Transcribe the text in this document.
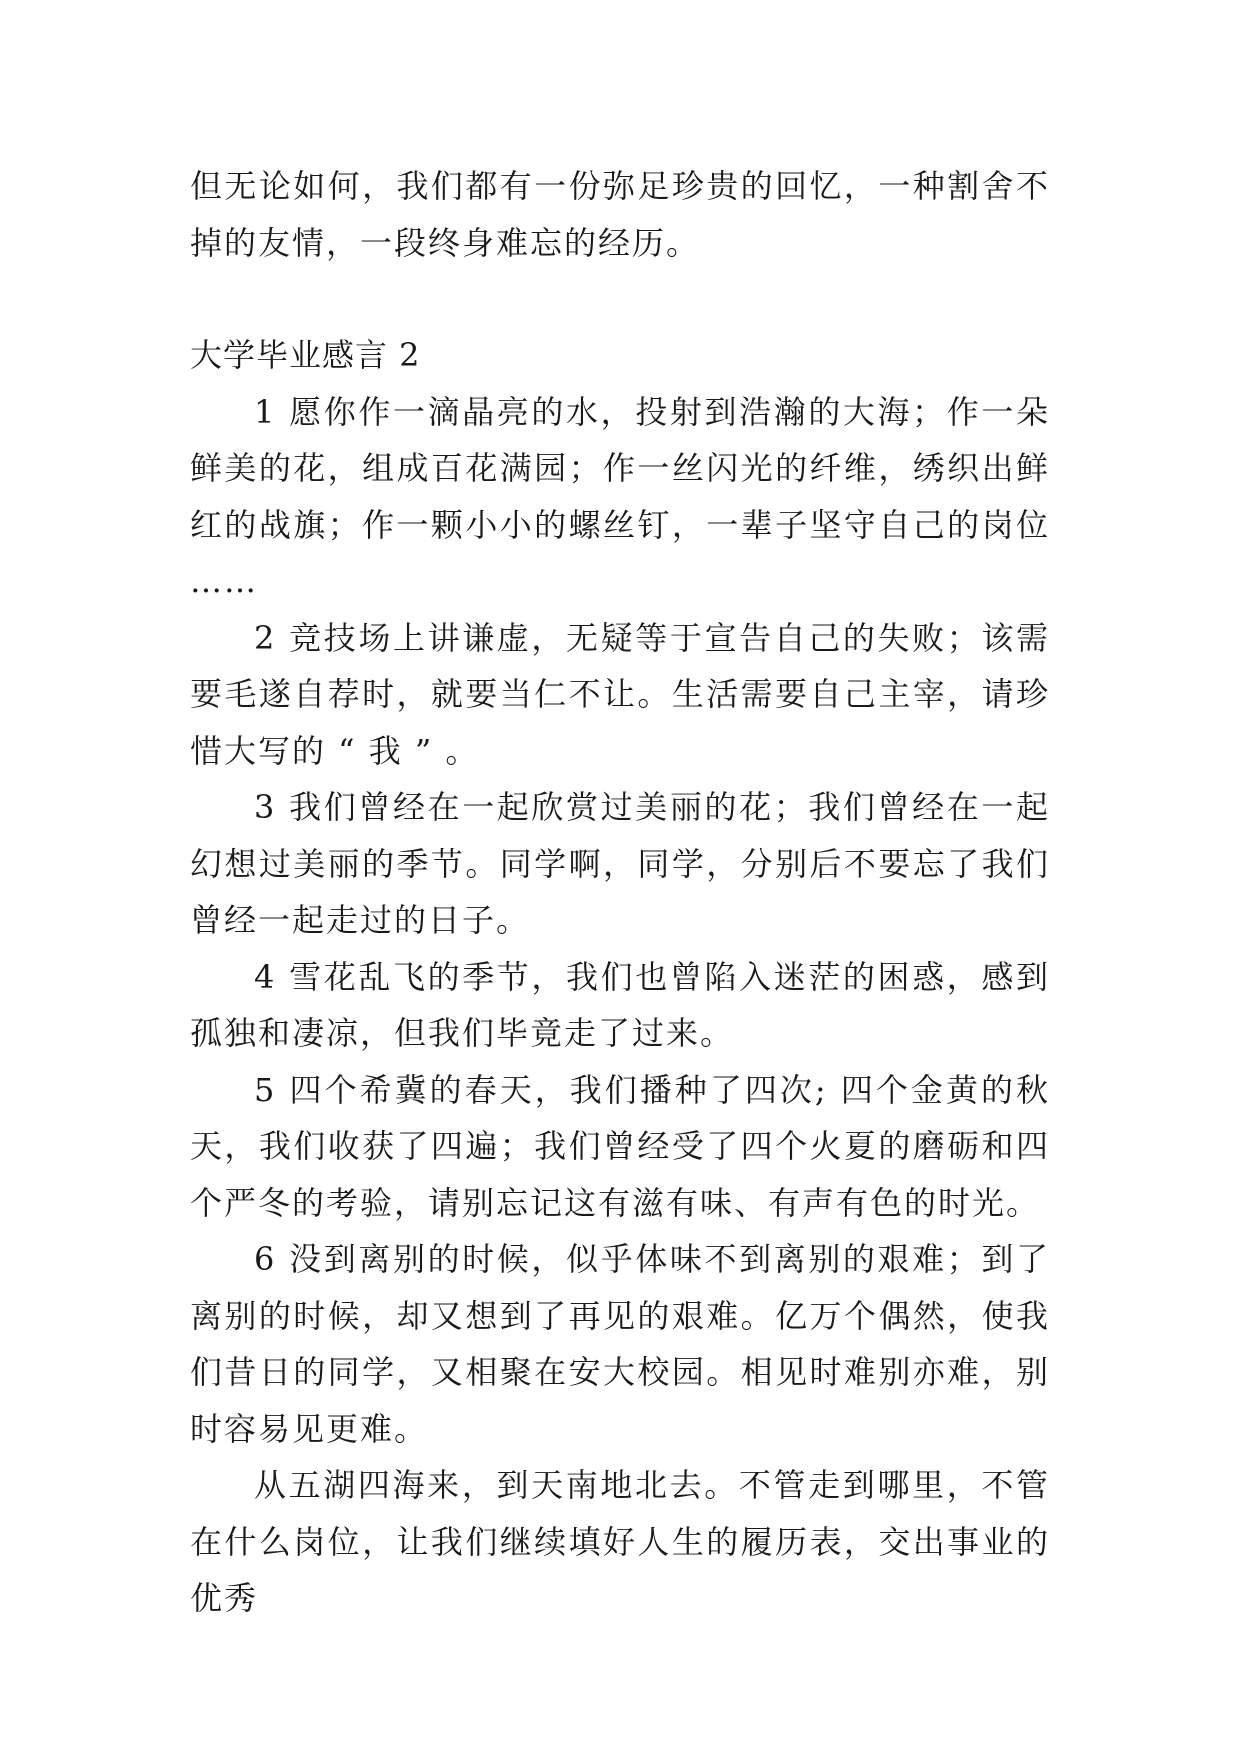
但无论如何，我们都有一份弥足珍贵的回忆，一种割舍不掉的友情，一段终身难忘的经历。

大学毕业感言 2

1 愿你作一滴晶亮的水，投射到浩瀚的大海；作一朵鲜美的花，组成百花满园；作一丝闪光的纤维，绣织出鲜红的战旗；作一颗小小的螺丝钉，一辈子坚守自己的岗位 ……

2 竞技场上讲谦虚，无疑等于宣告自己的失败；该需要毛遂自荐时，就要当仁不让。生活需要自己主宰，请珍惜大写的 “ 我 ” 。

3 我们曾经在一起欣赏过美丽的花；我们曾经在一起幻想过美丽的季节。同学啊，同学，分别后不要忘了我们曾经一起走过的日子。

4 雪花乱飞的季节，我们也曾陷入迷茫的困惑，感到孤独和凄凉，但我们毕竟走了过来。

5 四个希冀的春天，我们播种了四次; 四个金黄的秋天，我们收获了四遍；我们曾经受了四个火夏的磨砺和四个严冬的考验，请别忘记这有滋有味、有声有色的时光。

6 没到离别的时候，似乎体味不到离别的艰难；到了离别的时候，却又想到了再见的艰难。亿万个偶然，使我们昔日的同学，又相聚在安大校园。相见时难别亦难，别时容易见更难。

从五湖四海来，到天南地北去。不管走到哪里，不管在什么岗位，让我们继续填好人生的履历表，交出事业的优秀
